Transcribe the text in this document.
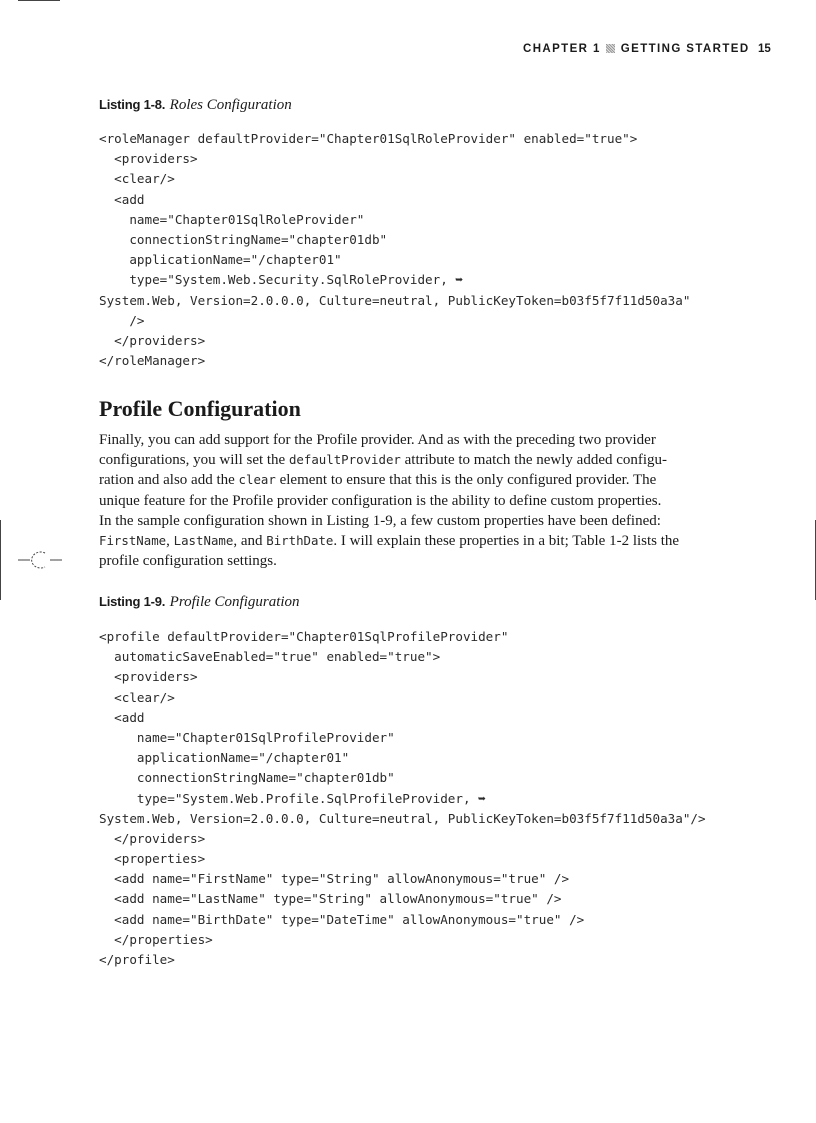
CHAPTER 1 GETTING STARTED 15
Listing 1-8. Roles Configuration
<roleManager defaultProvider="Chapter01SqlRoleProvider" enabled="true">
<providers>
<clear/>
<add
name="Chapter01SqlRoleProvider"
connectionStringName="chapter01db"
applicationName="/chapter01"
type="System.Web.Security.SqlRoleProvider, ➥
System.Web, Version=2.0.0.0, Culture=neutral, PublicKeyToken=b03f5f7f11d50a3a"
/>
</providers>
</roleManager>
Profile Configuration
Finally, you can add support for the Profile provider. And as with the preceding two provider
configurations, you will set the defaultProvider attribute to match the newly added configu-
ration and also add the clear element to ensure that this is the only configured provider. The
unique feature for the Profile provider configuration is the ability to define custom properties.
In the sample configuration shown in Listing 1-9, a few custom properties have been defined:
FirstName, LastName, and BirthDate. I will explain these properties in a bit; Table 1-2 lists the
profile configuration settings.
Listing 1-9. Profile Configuration
<profile defaultProvider="Chapter01SqlProfileProvider"
automaticSaveEnabled="true" enabled="true">
<providers>
<clear/>
<add
name="Chapter01SqlProfileProvider"
applicationName="/chapter01"
connectionStringName="chapter01db"
type="System.Web.Profile.SqlProfileProvider, ➥
System.Web, Version=2.0.0.0, Culture=neutral, PublicKeyToken=b03f5f7f11d50a3a"/>
</providers>
<properties>
<add name="FirstName" type="String" allowAnonymous="true" />
<add name="LastName" type="String" allowAnonymous="true" />
<add name="BirthDate" type="DateTime" allowAnonymous="true" />
</properties>
</profile>
